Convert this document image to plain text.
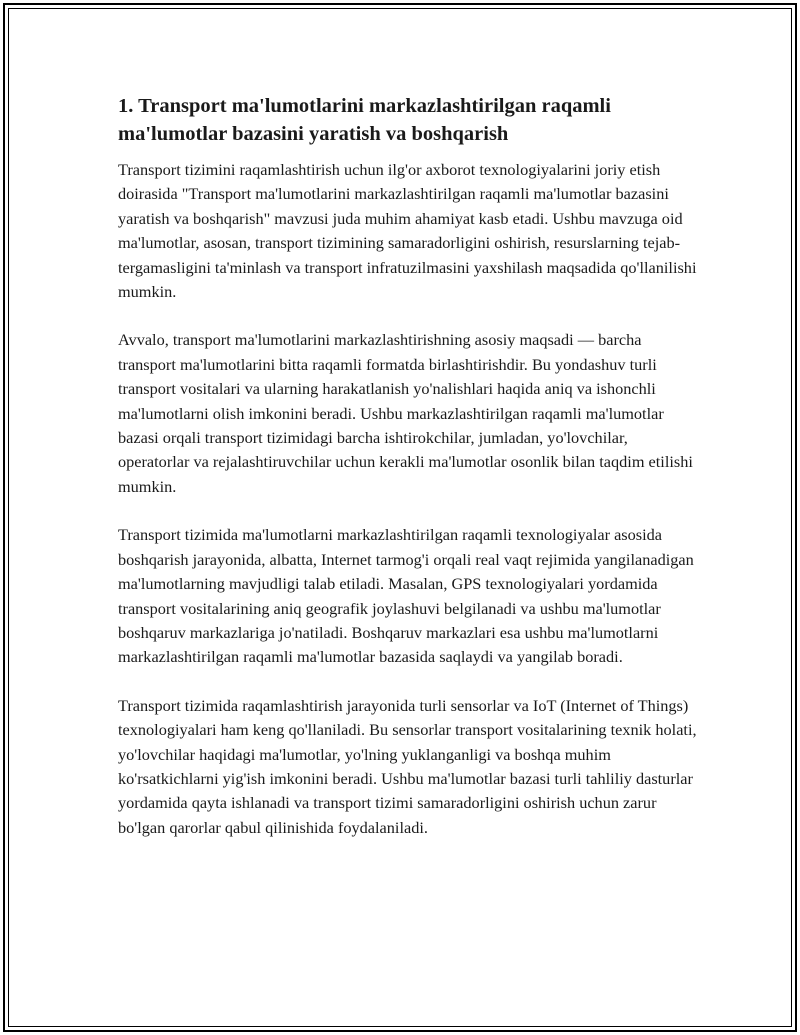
1. Transport ma'lumotlarini markazlashtirilgan raqamli ma'lumotlar bazasini yaratish va boshqarish

Transport tizimini raqamlashtirish uchun ilg'or axborot texnologiyalarini joriy etish doirasida "Transport ma'lumotlarini markazlashtirilgan raqamli ma'lumotlar bazasini yaratish va boshqarish" mavzusi juda muhim ahamiyat kasb etadi. Ushbu mavzuga oid ma'lumotlar, asosan, transport tizimining samaradorligini oshirish, resurslarning tejab-tergamasligini ta'minlash va transport infratuzilmasini yaxshilash maqsadida qo'llanilishi mumkin.

Avvalo, transport ma'lumotlarini markazlashtirishning asosiy maqsadi — barcha transport ma'lumotlarini bitta raqamli formatda birlashtirishdir. Bu yondashuv turli transport vositalari va ularning harakatlanish yo'nalishlari haqida aniq va ishonchli ma'lumotlarni olish imkonini beradi. Ushbu markazlashtirilgan raqamli ma'lumotlar bazasi orqali transport tizimidagi barcha ishtirokchilar, jumladan, yo'lovchilar, operatorlar va rejalashtiruvchilar uchun kerakli ma'lumotlar osonlik bilan taqdim etilishi mumkin.

Transport tizimida ma'lumotlarni markazlashtirilgan raqamli texnologiyalar asosida boshqarish jarayonida, albatta, Internet tarmog'i orqali real vaqt rejimida yangilanadigan ma'lumotlarning mavjudligi talab etiladi. Masalan, GPS texnologiyalari yordamida transport vositalarining aniq geografik joylashuvi belgilanadi va ushbu ma'lumotlar boshqaruv markazlariga jo'natiladi. Boshqaruv markazlari esa ushbu ma'lumotlarni markazlashtirilgan raqamli ma'lumotlar bazasida saqlaydi va yangilab boradi.

Transport tizimida raqamlashtirish jarayonida turli sensorlar va IoT (Internet of Things) texnologiyalari ham keng qo'llaniladi. Bu sensorlar transport vositalarining texnik holati, yo'lovchilar haqidagi ma'lumotlar, yo'lning yuklanganligi va boshqa muhim ko'rsatkichlarni yig'ish imkonini beradi. Ushbu ma'lumotlar bazasi turli tahliliy dasturlar yordamida qayta ishlanadi va transport tizimi samaradorligini oshirish uchun zarur bo'lgan qarorlar qabul qilinishida foydalaniladi.
